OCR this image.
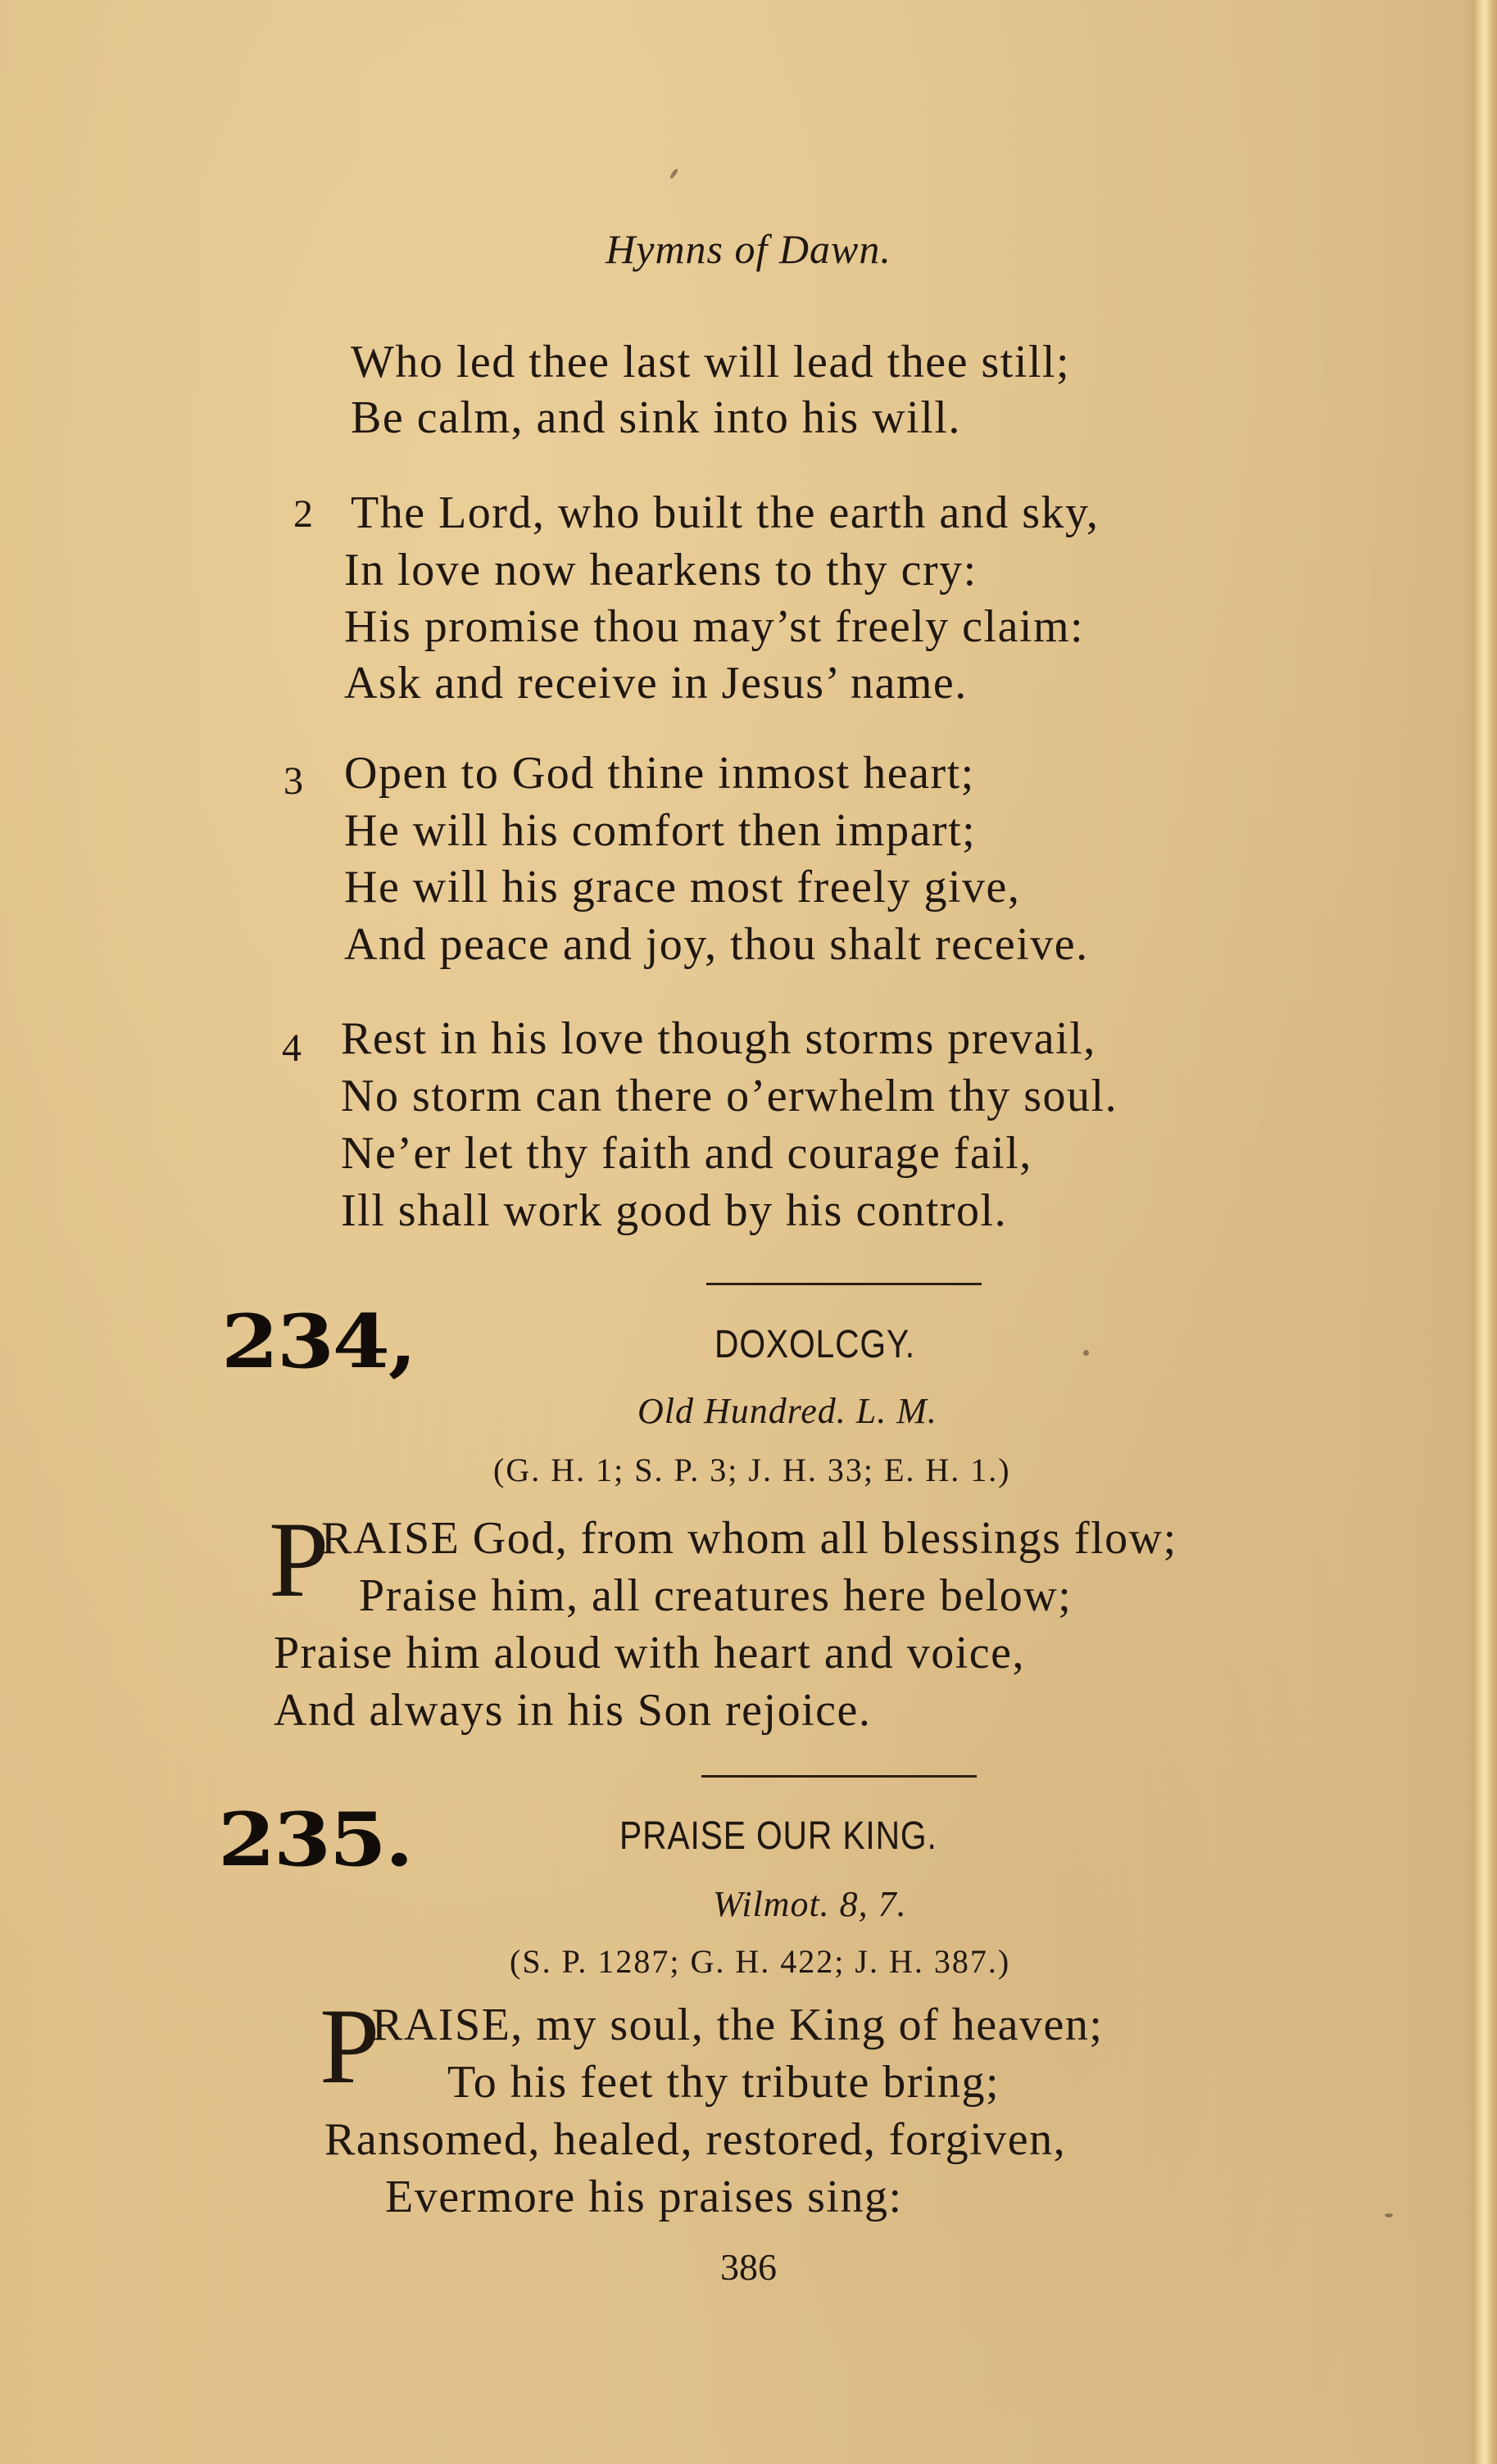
Hymns of Dawn.
Who led thee last will lead thee still;
Be calm, and sink into his will.
2 The Lord, who built the earth and sky,
In love now hearkens to thy cry:
His promise thou may’st freely claim:
Ask and receive in Jesus’ name.
3 Open to God thine inmost heart;
He will his comfort then impart;
He will his grace most freely give,
And peace and joy, thou shalt receive.
4 Rest in his love though storms prevail,
No storm can there o’erwhelm thy soul.
Ne’er let thy faith and courage fail,
Ill shall work good by his control.
234,	DOXOLCGY.
Old Hundred. L. M.
(G. H. 1; S. P. 3; J. H. 33; E. H. 1.)
P
RAISE God, from whom all blessings flow;
Praise him, all creatures here below;
Praise him aloud with heart and voice,
And always in his Son rejoice.
235.	PRAISE OUR KING.
Wilmot. 8, 7.
(S. P. 1287; G. H. 422; J. H. 387.)
P
RAISE, my soul, the King of heaven;
To his feet thy tribute bring;
Ransomed, healed, restored, forgiven,
Evermore his praises sing:
386
